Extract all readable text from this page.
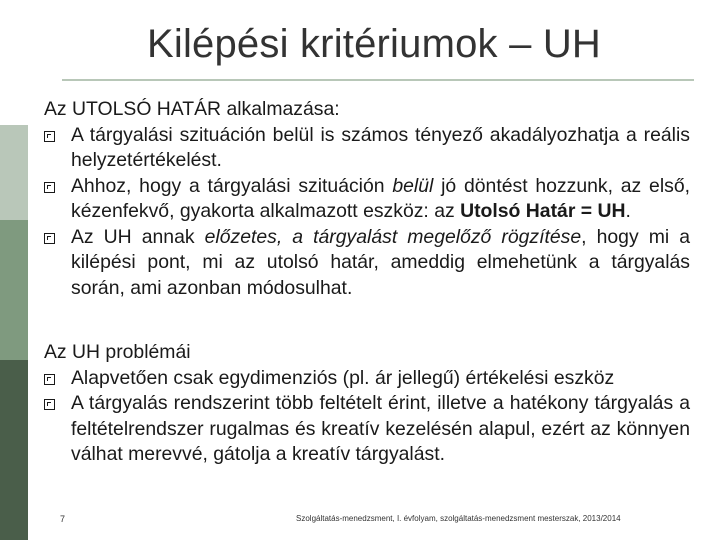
Kilépési kritériumok – UH
Az UTOLSÓ HATÁR alkalmazása:
A tárgyalási szituáción belül is számos tényező akadályozhatja a reális helyzetértékelést.
Ahhoz, hogy a tárgyalási szituáción belül jó döntést hozzunk, az első, kézenfekvő, gyakorta alkalmazott eszköz: az Utolsó Határ = UH.
Az UH annak előzetes, a tárgyalást megelőző rögzítése, hogy mi a kilépési pont, mi az utolsó határ, ameddig elmehetünk a tárgyalás során, ami azonban módosulhat.
Az UH problémái
Alapvetően csak egydimenziós (pl. ár jellegű) értékelési eszköz
A tárgyalás rendszerint több feltételt érint, illetve a hatékony tárgyalás a feltételrendszer rugalmas és kreatív kezelésén alapul, ezért az könnyen válhat merevvé, gátolja a kreatív tárgyalást.
7	Szolgáltatás-menedzsment, I. évfolyam, szolgáltatás-menedzsment mesterszak, 2013/2014
